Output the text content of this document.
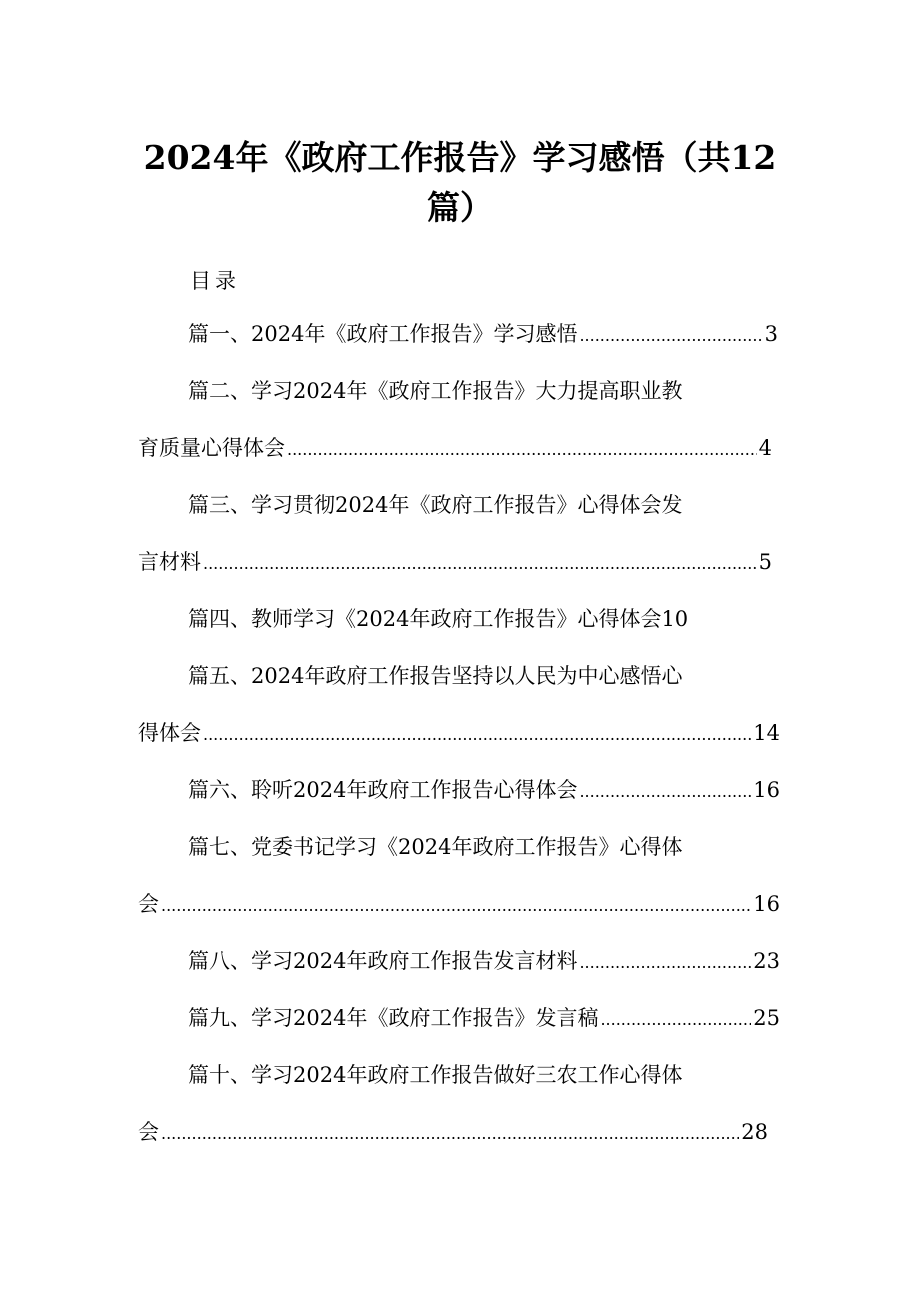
2024年《政府工作报告》学习感悟（共12
篇）
目录
篇一、2024年《政府工作报告》学习感悟 .....	3
篇二、学习2024年《政府工作报告》大力提高职业教
育质量心得体会 .....	4
篇三、学习贯彻2024年《政府工作报告》心得体会发
言材料 .....	5
篇四、教师学习《2024年政府工作报告》心得体会10
篇五、2024年政府工作报告坚持以人民为中心感悟心
得体会 .....	14
篇六、聆听2024年政府工作报告心得体会 .....	16
篇七、党委书记学习《2024年政府工作报告》心得体
会 .....	16
篇八、学习2024年政府工作报告发言材料 .....	23
篇九、学习2024年《政府工作报告》发言稿 .....	25
篇十、学习2024年政府工作报告做好三农工作心得体
会 .....	28
